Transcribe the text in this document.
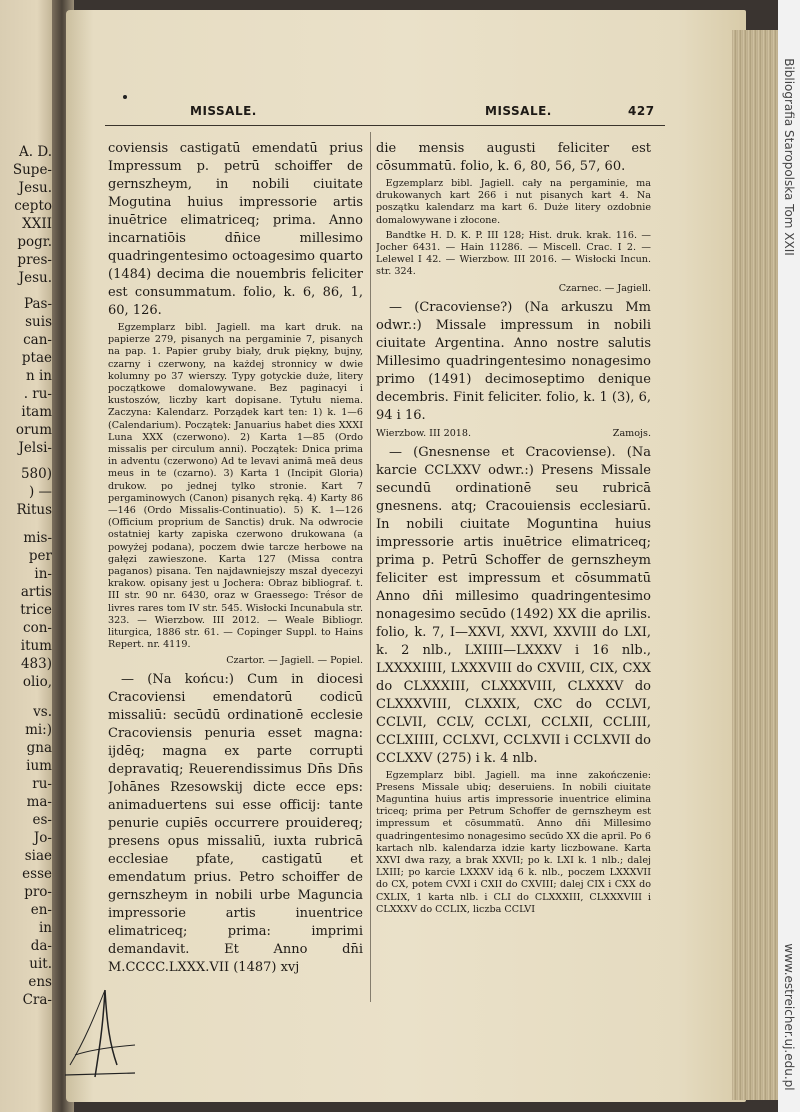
A. D.
Supe-
Jesu.
cepto
XXII
pogr.
pres-
Jesu.
Pas-
suis
can-
ptae
n in
. ru-
itam
orum
Jelsi-
580)
) —
Ritus
mis-
per
in-
artis
trice
con-
itum
483)
olio,
vs.
mi:)
gna
ium
ru-
ma-
es-
Jo-
siae
esse
pro-
en-
in
da-
uit.
ens
Cra-
Bibliografia Staropolska Tom XXII
www.estreicher.uj.edu.pl
MISSALE.	MISSALE.	427

coviensis castigatū emendatū prius Impressum p. petrū schoiffer de gernszheym, in nobili ciuitate Mogutina huius impressorie artis inuētrice elimatriceq; prima. Anno incarnatiōis dn̄ice millesimo quadringentesimo octoagesimo quarto (1484) decima die nouembris feliciter est consummatum. folio, k. 6, 86, 1, 60, 126.

Egzemplarz bibl. Jagiell. ma kart druk. na papierze 279, pisanych na pergaminie 7, pisanych na pap. 1. Papier gruby biały, druk piękny, bujny, czarny i czerwony, na każdej stronnicy w dwie kolumny po 37 wierszy. Typy gotyckie duże, litery początkowe domalowywane. Bez paginacyi i kustoszów, liczby kart dopisane. Tytułu niema. Zaczyna: Kalendarz. Porządek kart ten: 1) k. 1—6 (Calendarium). Początek: Januarius habet dies XXXI Luna XXX (czerwono). 2) Karta 1—85 (Ordo missalis per circulum anni). Początek: Dnica prima in adventu (czerwono) Ad te levavi animā meā deus meus in te (czarno). 3) Karta 1 (Incipit Gloria) drukow. po jednej tylko stronie. Kart 7 pergaminowych (Canon) pisanych ręką. 4) Karty 86—146 (Ordo Missalis-Continuatio). 5) K. 1—126 (Officium proprium de Sanctis) druk. Na odwrocie ostatniej karty zapiska czerwono drukowana (a powyżej podana), poczem dwie tarcze herbowe na gałęzi zawieszone. Karta 127 (Missa contra paganos) pisana. Ten najdawniejszy mszał dyecezyi krakow. opisany jest u Jochera: Obraz bibliograf. t. III str. 90 nr. 6430, oraz w Graessego: Trésor de livres rares tom IV str. 545. Wisłocki Incunabula str. 323. — Wierzbow. III 2012. — Weale Bibliogr. liturgica, 1886 str. 61. — Copinger Suppl. to Hains Repert. nr. 4119.

Czartor. — Jagiell. — Popiel.

— (Na końcu:) Cum in diocesi Cracoviensi emendatorū codicū missaliū: secūdū ordinationē ecclesie Cracoviensis penuria esset magna: ijdēq; magna ex parte corrupti depravatiq; Reuerendissimus Dn̄s Dn̄s Johānes Rzesowskij dicte ecce eps: animaduertens sui esse officij: tante penurie cupiēs occurrere prouidereq; presens opus missaliū, iuxta rubricā ecclesiae pfate, castigatū et emendatum prius. Petro schoiffer de gernszheym in nobili urbe Maguncia impressorie artis inuentrice elimatriceq; prima: imprimi demandavit. Et Anno dn̄i M.CCCC.LXXX.VII (1487) xvj

die mensis augusti feliciter est cōsummatū. folio, k. 6, 80, 56, 57, 60.

Egzemplarz bibl. Jagiell. cały na pergaminie, ma drukowanych kart 266 i nut pisanych kart 4. Na poszątku kalendarz ma kart 6. Duże litery ozdobnie domalowywane i złocone.

Bandtke H. D. K. P. III 128; Hist. druk. krak. 116. — Jocher 6431. — Hain 11286. — Miscell. Crac. I 2. — Lelewel I 42. — Wierzbow. III 2016. — Wisłocki Incun. str. 324.

Czarnec. — Jagiell.

— (Cracoviense?) (Na arkuszu Mm odwr.:) Missale impressum in nobili ciuitate Argentina. Anno nostre salutis Millesimo quadringentesimo nonagesimo primo (1491) decimoseptimo denique decembris. Finit feliciter. folio, k. 1 (3), 6, 94 i 16.

Wierzbow. III 2018.	Zamojs.

— (Gnesnense et Cracoviense). (Na karcie CCLXXV odwr.:) Presens Missale secundū ordinationē seu rubricā gnesnens. atq; Cracouiensis ecclesiarū. In nobili ciuitate Moguntina huius impressorie artis inuētrice elimatriceq; prima p. Petrū Schoffer de gernszheym feliciter est impressum et cōsummatū Anno dn̄i millesimo quadringentesimo nonagesimo secūdo (1492) XX die aprilis. folio, k. 7, I—XXVI, XXVI, XXVIII do LXI, k. 2 nlb., LXIIII—LXXXV i 16 nlb., LXXXXIIII, LXXXVIII do CXVIII, CIX, CXX do CLXXXIII, CLXXXVIII, CLXXXV do CLXXXVIII, CLXXIX, CXC do CCLVI, CCLVII, CCLV, CCLXI, CCLXII, CCLIII, CCLXIIII, CCLXVI, CCLXVII i CCLXVII do CCLXXV (275) i k. 4 nlb.

Egzemplarz bibl. Jagiell. ma inne zakończenie: Presens Missale ubiq; deseruiens. In nobili ciuitate Maguntina huius artis impressorie inuentrice elimina triceq; prima per Petrum Schoffer de gernszheym est impressum et cōsummatū. Anno dn̄i Millesimo quadringentesimo nonagesimo secūdo XX die april. Po 6 kartach nlb. kalendarza idzie karty liczbowane. Karta XXVI dwa razy, a brak XXVII; po k. LXI k. 1 nlb.; dalej LXIII; po karcie LXXXV idą 6 k. nlb., poczem LXXXVII do CX, potem CVXI i CXII do CXVIII; dalej CIX i CXX do CXLIX, 1 karta nlb. i CLI do CLXXXIII, CLXXXVIII i CLXXXV do CCLIX, liczba CCLVI
